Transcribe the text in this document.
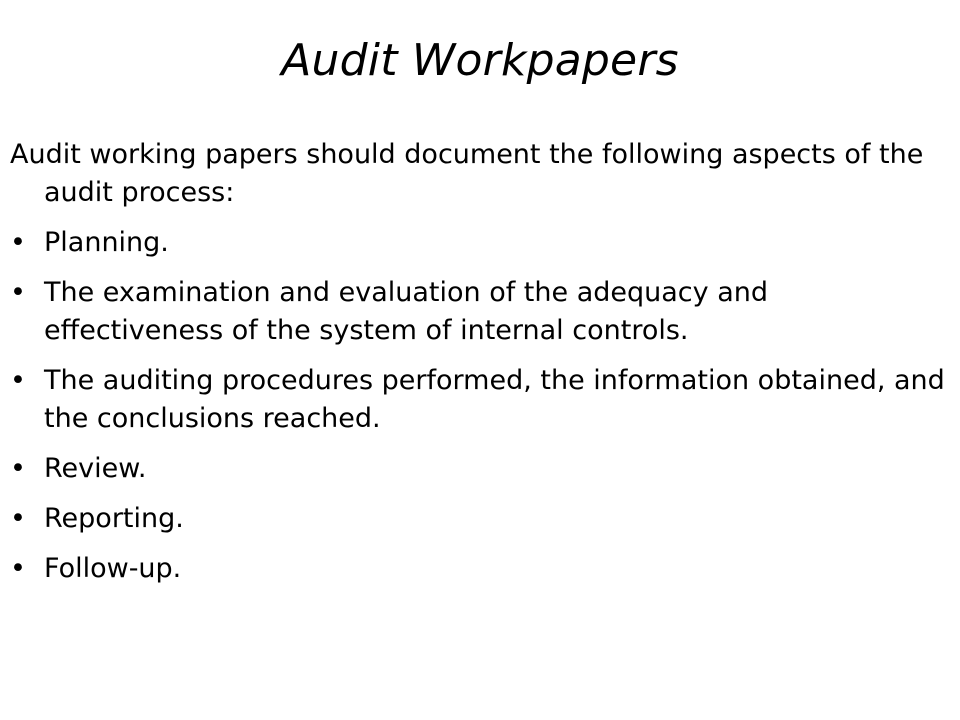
Audit Workpapers

Audit working papers should document the following aspects of the audit process:

• Planning.
• The examination and evaluation of the adequacy and effectiveness of the system of internal controls.
• The auditing procedures performed, the information obtained, and the conclusions reached.
• Review.
• Reporting.
• Follow-up.
